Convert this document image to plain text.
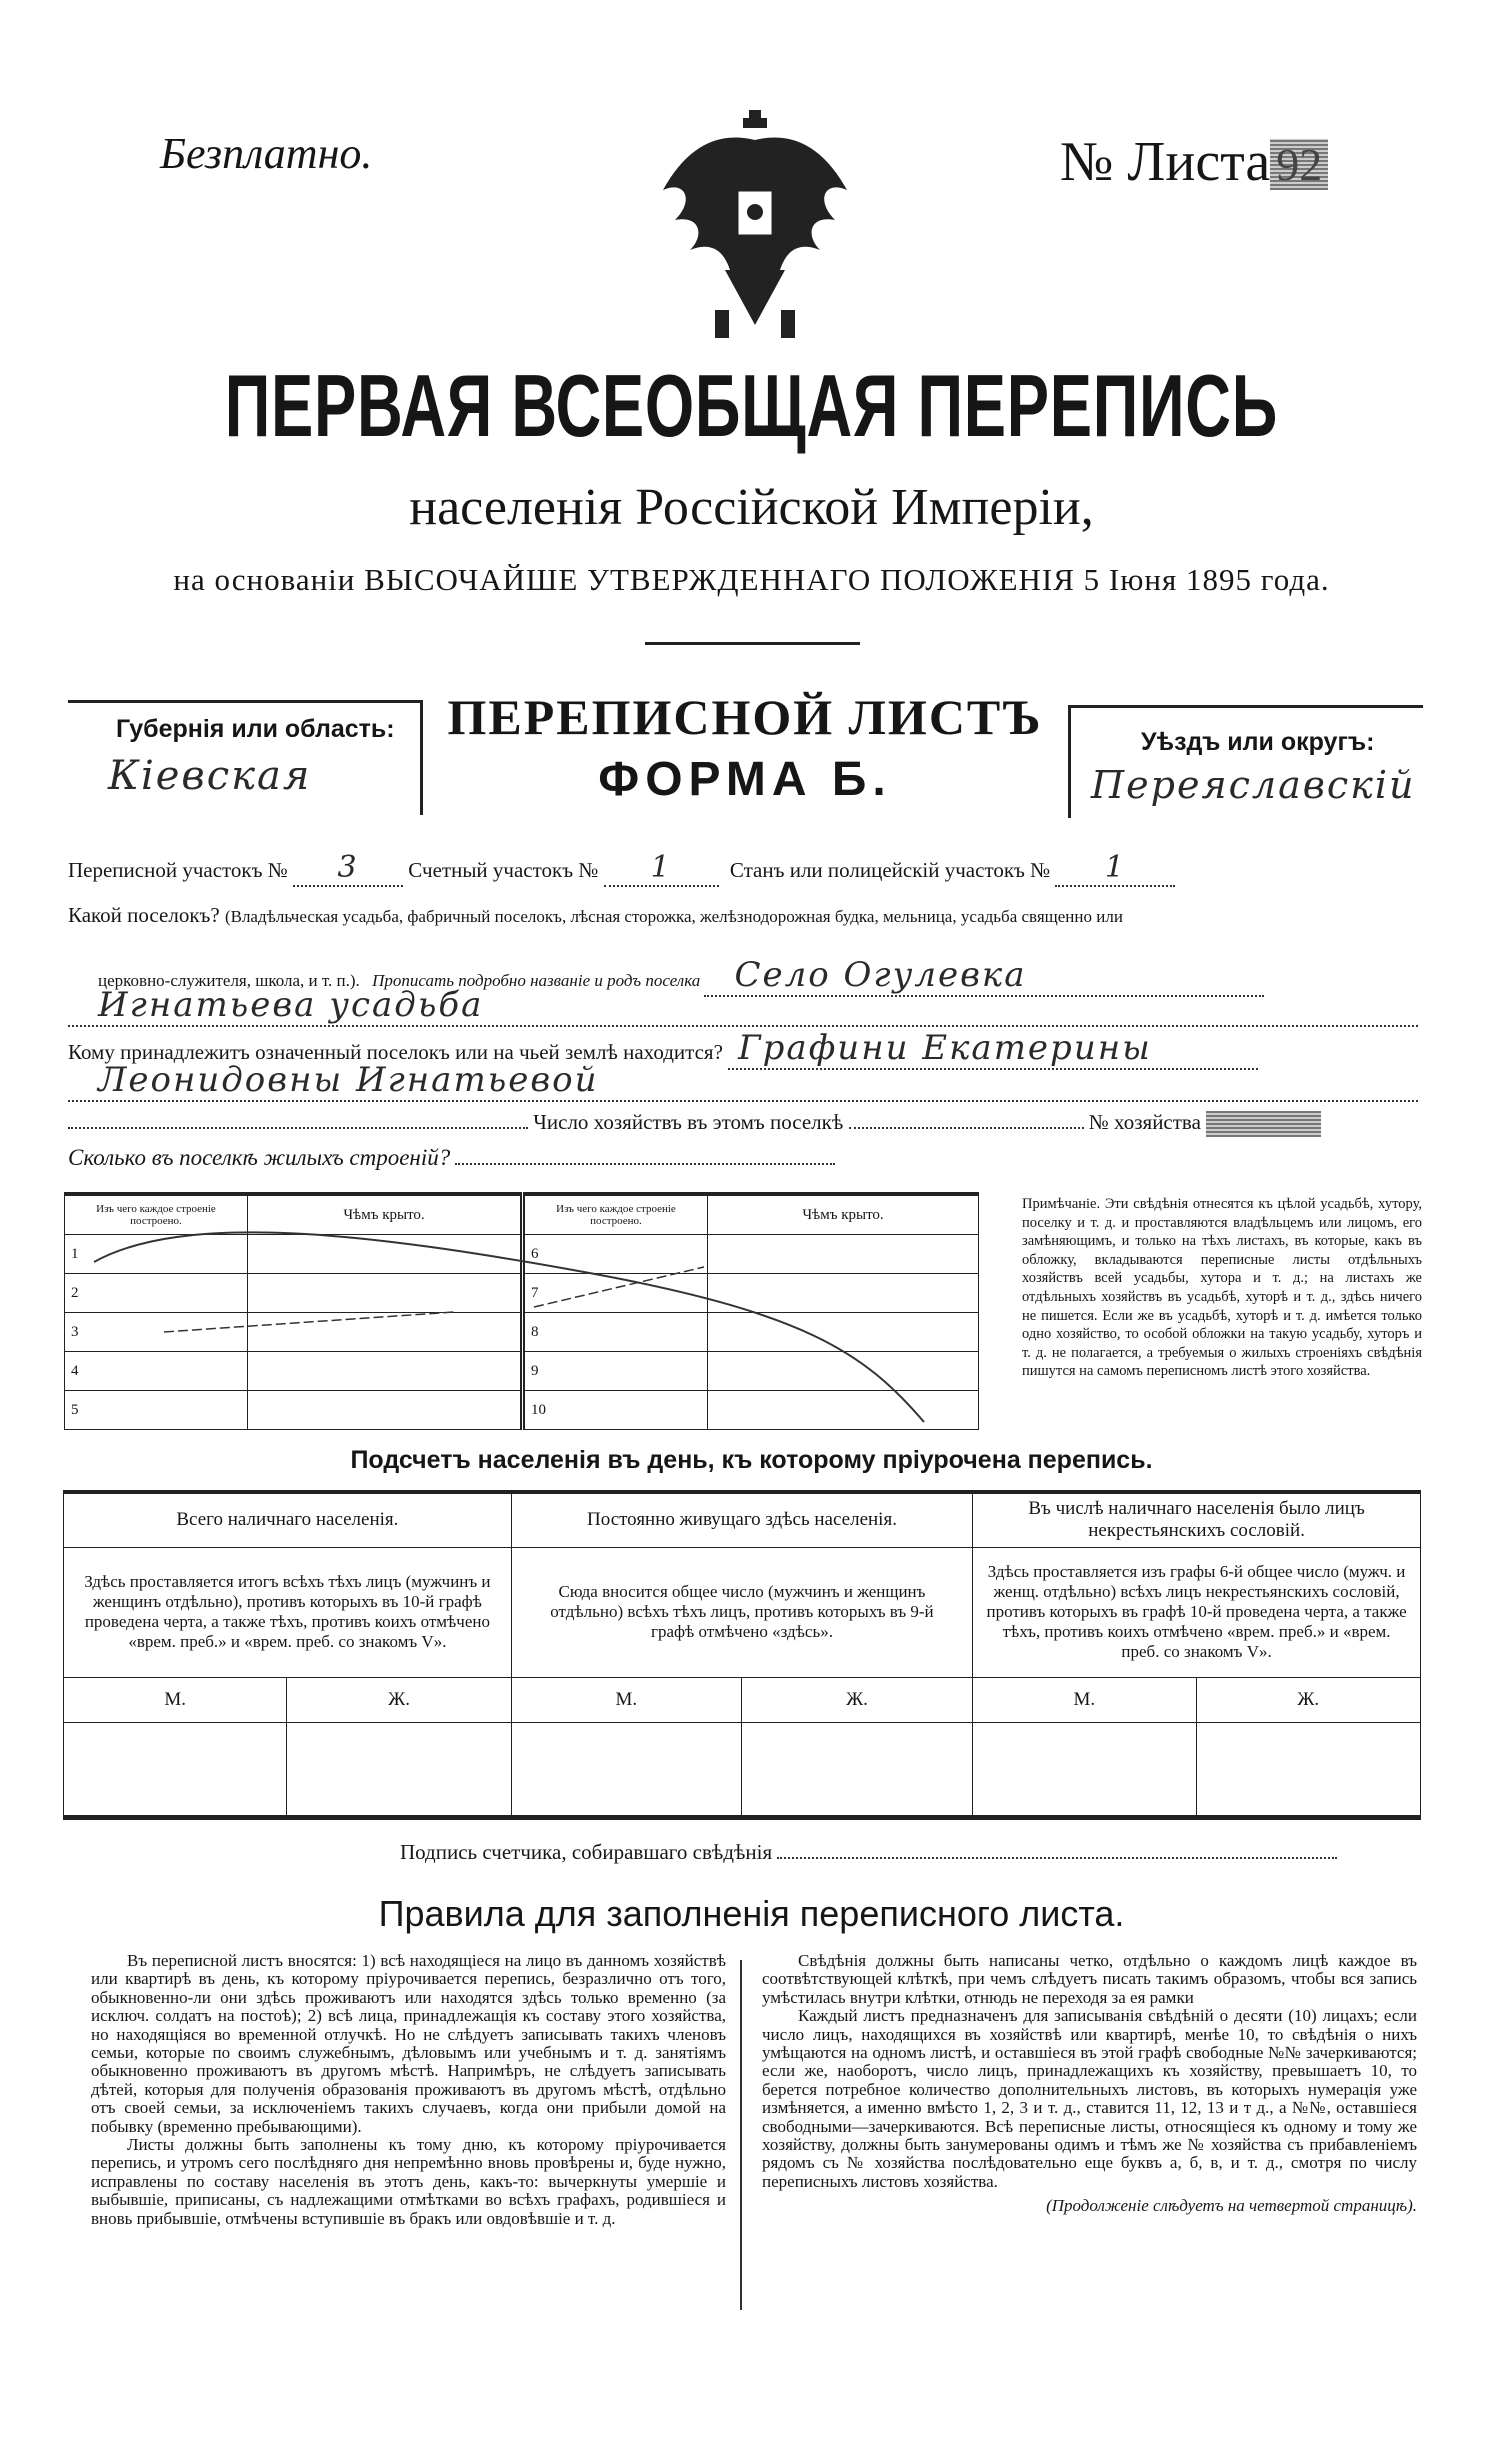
Безплатно.	№ Листа 92
ПЕРВАЯ ВСЕОБЩАЯ ПЕРЕПИСЬ
населенія Россійской Имперіи,
на основаніи ВЫСОЧАЙШЕ УТВЕРЖДЕННАГО ПОЛОЖЕНІЯ 5 Іюня 1895 года.
Губернія или область:
Кіевская
ПЕРЕПИСНОЙ ЛИСТЪ
ФОРМА Б.
Уѣздъ или округъ:
Переяславскій
Переписной участокъ № 3 Счетный участокъ № 1	Станъ или полицейскій участокъ № 1
Какой поселокъ? (Владѣльческая усадьба, фабричный поселокъ, лѣсная сторожка, желѣзнодорожная будка, мельница, усадьба священно или
церковно-служителя, школа, и т. п.). Прописать подробно названіе и родъ поселка Село Огулевка
Игнатьева усадьба
Кому принадлежитъ означенный поселокъ или на чьей землѣ находится? Графини Екатерины
Леонидовны Игнатьевой
Число хозяйствъ въ этомъ поселкѣ	№ хозяйства
Сколько въ поселкѣ жилыхъ строеній?
Изъ чего каждое строеніе построено.	Чѣмъ крыто.	Изъ чего каждое строеніе построено.	Чѣмъ крыто.
1		6	
2		7	
3		8	
4		9	
5		10	
Примѣчаніе. Эти свѣдѣнія отнесятся къ цѣлой усадьбѣ, хутору, поселку и т. д. и проставляются владѣльцемъ или лицомъ, его замѣняющимъ, и только на тѣхъ листахъ, въ которые, какъ въ обложку, вкладываются переписные листы отдѣльныхъ хозяйствъ всей усадьбы, хутора и т. д.; на листахъ же отдѣльныхъ хозяйствъ въ усадьбѣ, хуторѣ и т. д., здѣсь ничего не пишется. Если же въ усадьбѣ, хуторѣ и т. д. имѣется только одно хозяйство, то особой обложки на такую усадьбу, хуторъ и т. д. не полагается, а требуемыя о жилыхъ строеніяхъ свѣдѣнія пишутся на самомъ переписномъ листѣ этого хозяйства.
Подсчетъ населенія въ день, къ которому пріурочена перепись.
Всего наличнаго населенія.		Постоянно живущаго здѣсь населенія.		Въ числѣ наличнаго населенія было лицъ некрестьянскихъ сословій.	
Здѣсь проставляется итогъ всѣхъ тѣхъ лицъ (мужчинъ и женщинъ отдѣльно), противъ которыхъ въ 10-й графѣ проведена черта, а также тѣхъ, противъ коихъ отмѣчено «врем. преб.» и «врем. преб. со знакомъ V».		Сюда вносится общее число (мужчинъ и женщинъ отдѣльно) всѣхъ тѣхъ лицъ, противъ которыхъ въ 9-й графѣ отмѣчено «здѣсь».		Здѣсь проставляется изъ графы 6-й общее число (мужч. и женщ. отдѣльно) всѣхъ лицъ некрестьянскихъ сословій, противъ которыхъ въ графѣ 10-й проведена черта, а также тѣхъ, противъ коихъ отмѣчено «врем. преб.» и «врем. преб. со знакомъ V».	
М.	Ж.	М.	Ж.	М.	Ж.

Подпись счетчика, собиравшаго свѣдѣнія
Правила для заполненія переписного листа.

Въ переписной листъ вносятся: 1) всѣ находящіеся на лицо въ данномъ хозяйствѣ или квартирѣ въ день, къ которому пріурочивается перепись, безразлично отъ того, обыкновенно-ли они здѣсь проживаютъ или находятся здѣсь только временно (за исключ. солдатъ на постоѣ); 2) всѣ лица, принадлежащія къ составу этого хозяйства, но находящіяся во временной отлучкѣ. Но не слѣдуетъ записывать такихъ членовъ семьи, которые по своимъ служебнымъ, дѣловымъ или учебнымъ и т. д. занятіямъ обыкновенно проживаютъ въ другомъ мѣстѣ. Напримѣръ, не слѣдуетъ записывать дѣтей, которыя для полученія образованія проживаютъ въ другомъ мѣстѣ, отдѣльно отъ своей семьи, за исключеніемъ такихъ случаевъ, когда они прибыли домой на побывку (временно пребывающими).

Листы должны быть заполнены къ тому дню, къ которому пріурочивается перепись, и утромъ сего послѣдняго дня непремѣнно вновь провѣрены и, буде нужно, исправлены по составу населенія въ этотъ день, какъ-то: вычеркнуты умершіе и выбывшіе, приписаны, съ надлежащими отмѣтками во всѣхъ графахъ, родившіеся и вновь прибывшіе, отмѣчены вступившіе въ бракъ или овдовѣвшіе и т. д.

Свѣдѣнія должны быть написаны четко, отдѣльно о каждомъ лицѣ каждое въ соотвѣтствующей клѣткѣ, при чемъ слѣдуетъ писать такимъ образомъ, чтобы вся запись умѣстилась внутри клѣтки, отнюдь не переходя за ея рамки

Каждый листъ предназначенъ для записыванія свѣдѣній о десяти (10) лицахъ; если число лицъ, находящихся въ хозяйствѣ или квартирѣ, менѣе 10, то свѣдѣнія о нихъ умѣщаются на одномъ листѣ, и оставшіеся въ этой графѣ свободные №№ зачеркиваются; если же, наоборотъ, число лицъ, принадлежащихъ къ хозяйству, превышаетъ 10, то берется потребное количество дополнительныхъ листовъ, въ которыхъ нумерація уже измѣняется, а именно вмѣсто 1, 2, 3 и т. д., ставится 11, 12, 13 и т д., а №№, оставшіеся свободными—зачеркиваются. Всѣ переписные листы, относящіеся къ одному и тому же хозяйству, должны быть занумерованы одимъ и тѣмъ же № хозяйства съ прибавленіемъ рядомъ съ № хозяйства послѣдовательно еще буквъ а, б, в, и т. д., смотря по числу переписныхъ листовъ хозяйства.

(Продолженіе слѣдуетъ на четвертой страницѣ).
